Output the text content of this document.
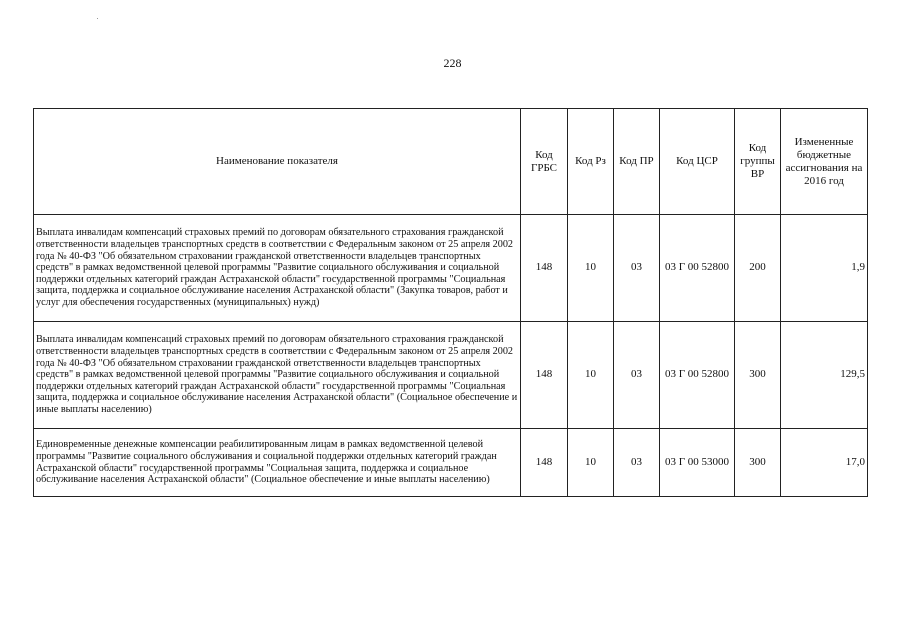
228
Наименование показателя	Код ГРБС	Код Рз	Код ПР	Код ЦСР	Код группы ВР	Измененные бюджетные ассигнования на 2016 год
Выплата инвалидам компенсаций страховых премий по договорам обязательного страхования гражданской ответственности владельцев транспортных средств в соответствии с Федеральным законом от 25 апреля 2002 года № 40-ФЗ "Об обязательном страховании гражданской ответственности владельцев транспортных средств" в рамках ведомственной целевой программы "Развитие социального обслуживания и социальной поддержки отдельных категорий граждан Астраханской области" государственной программы "Социальная защита, поддержка и социальное обслуживание населения Астраханской области" (Закупка товаров, работ и услуг для обеспечения государственных (муниципальных) нужд)	148	10	03	03 Г 00 52800	200	1,9
Выплата инвалидам компенсаций страховых премий по договорам обязательного страхования гражданской ответственности владельцев транспортных средств в соответствии с Федеральным законом от 25 апреля 2002 года № 40-ФЗ "Об обязательном страховании гражданской ответственности владельцев транспортных средств" в рамках ведомственной целевой программы "Развитие социального обслуживания и социальной поддержки отдельных категорий граждан Астраханской области" государственной программы "Социальная защита, поддержка и социальное обслуживание населения Астраханской области" (Социальное обеспечение и иные выплаты населению)	148	10	03	03 Г 00 52800	300	129,5
Единовременные денежные компенсации реабилитированным лицам в рамках ведомственной целевой программы "Развитие социального обслуживания и социальной поддержки отдельных категорий граждан Астраханской области" государственной программы "Социальная защита, поддержка и социальное обслуживание населения Астраханской области" (Социальное обеспечение и иные выплаты населению)	148	10	03	03 Г 00 53000	300	17,0
